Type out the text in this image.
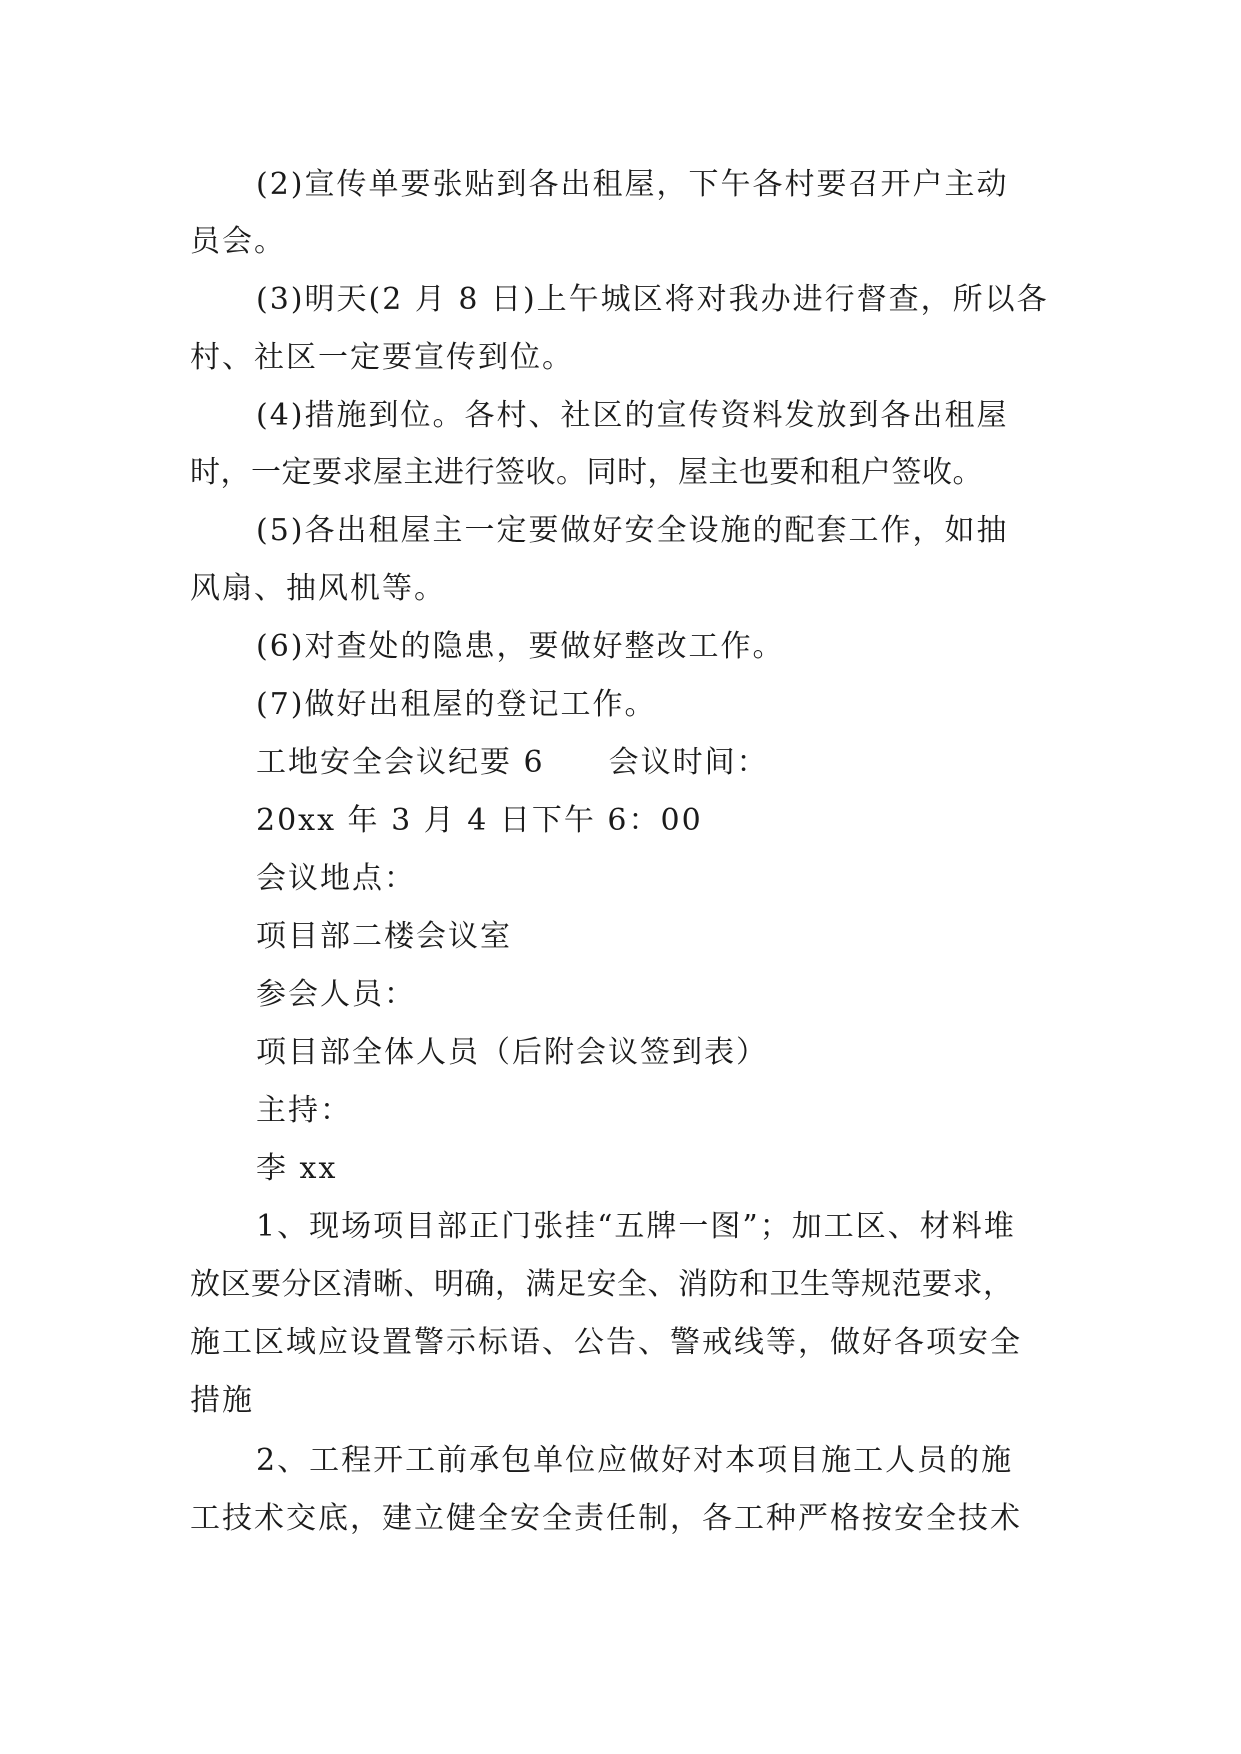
(2)宣传单要张贴到各出租屋，下午各村要召开户主动
员会。
(3)明天(2 月 8 日)上午城区将对我办进行督查，所以各
村、社区一定要宣传到位。
(4)措施到位。各村、社区的宣传资料发放到各出租屋
时，一定要求屋主进行签收。同时，屋主也要和租户签收。
(5)各出租屋主一定要做好安全设施的配套工作，如抽
风扇、抽风机等。
(6)对查处的隐患，要做好整改工作。
(7)做好出租屋的登记工作。
工地安全会议纪要 6　　会议时间：
20xx 年 3 月 4 日下午 6：00
会议地点：
项目部二楼会议室
参会人员：
项目部全体人员（后附会议签到表）
主持：
李 xx
1、现场项目部正门张挂“五牌一图”；加工区、材料堆
放区要分区清晰、明确，满足安全、消防和卫生等规范要求，
施工区域应设置警示标语、公告、警戒线等，做好各项安全
措施
2、工程开工前承包单位应做好对本项目施工人员的施
工技术交底，建立健全安全责任制，各工种严格按安全技术
